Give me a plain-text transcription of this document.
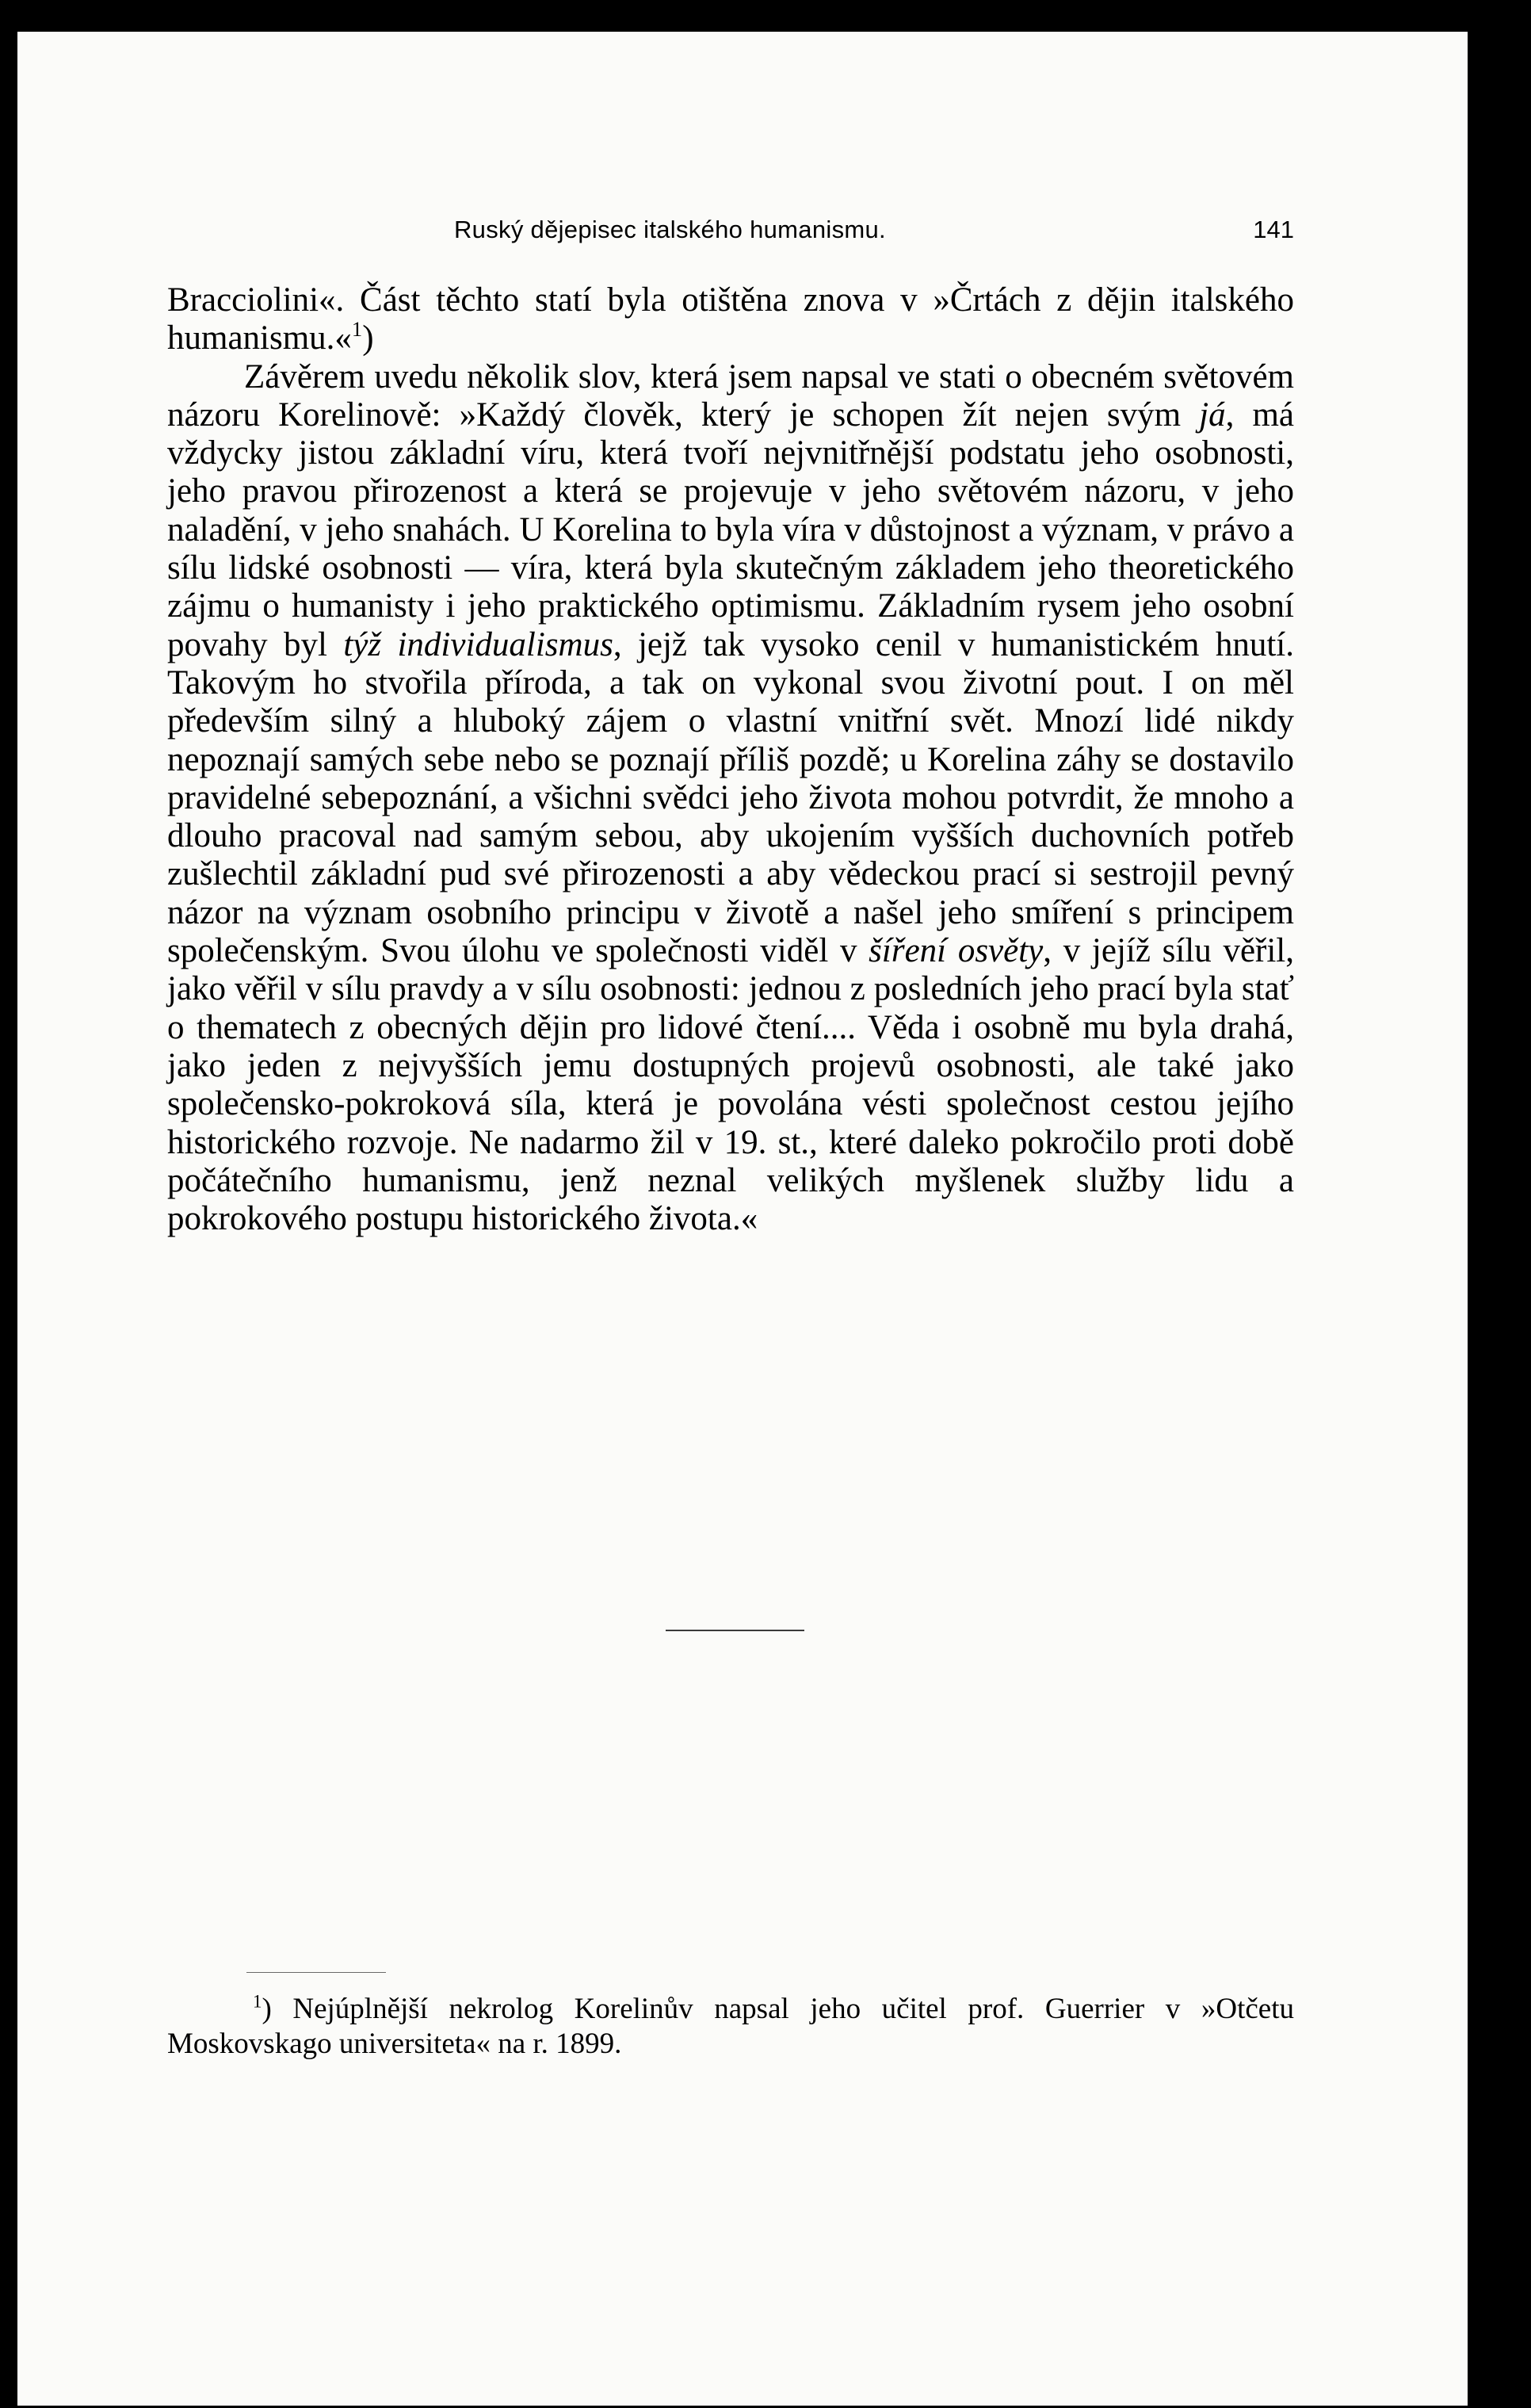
Ruský dějepisec italského humanismu.	141

Bracciolini«. Část těchto statí byla otištěna znova v »Črtách z dějin italského humanismu.«$^1$)

Závěrem uvedu několik slov, která jsem napsal ve stati o obecném světovém názoru Korelinově: »Každý člověk, který je schopen žít nejen svým já, má vždycky jistou základní víru, která tvoří nejvnitřnější podstatu jeho osobnosti, jeho pravou přirozenost a která se projevuje v jeho světovém názoru, v jeho naladění, v jeho snahách. U Korelina to byla víra v důstojnost a význam, v právo a sílu lidské osobnosti — víra, která byla skutečným základem jeho theoretického zájmu o humanisty i jeho praktického optimismu. Základním rysem jeho osobní povahy byl týž individualismus, jejž tak vysoko cenil v humanistickém hnutí. Takovým ho stvořila příroda, a tak on vykonal svou životní pout. I on měl především silný a hluboký zájem o vlastní vnitřní svět. Mnozí lidé nikdy nepoznají samých sebe nebo se poznají příliš pozdě; u Korelina záhy se dostavilo pravidelné sebepoznání, a všichni svědci jeho života mohou potvrdit, že mnoho a dlouho pracoval nad samým sebou, aby ukojením vyšších duchovních potřeb zušlechtil základní pud své přirozenosti a aby vědeckou prací si sestrojil pevný názor na význam osobního principu v životě a našel jeho smíření s principem společenským. Svou úlohu ve společnosti viděl v šíření osvěty, v jejíž sílu věřil, jako věřil v sílu pravdy a v sílu osobnosti: jednou z posledních jeho prací byla stať o thematech z obecných dějin pro lidové čtení.... Věda i osobně mu byla drahá, jako jeden z nejvyšších jemu dostupných projevů osobnosti, ale také jako společensko-pokroková síla, která je povolána vésti společnost cestou jejího historického rozvoje. Ne nadarmo žil v 19. st., které daleko pokročilo proti době počátečního humanismu, jenž neznal velikých myšlenek služby lidu a pokrokového postupu historického života.«

$^1$) Nejúplnější nekrolog Korelinův napsal jeho učitel prof. Guerrier v »Otčetu Moskovskago universiteta« na r. 1899.
